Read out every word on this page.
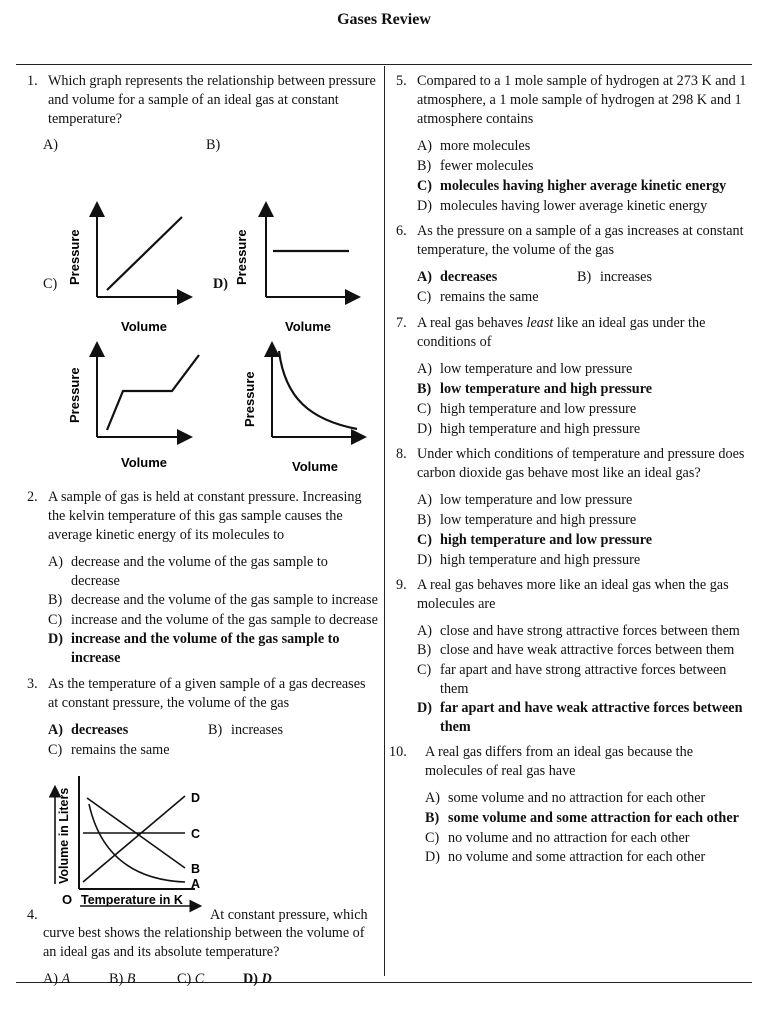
Gases Review
1. Which graph represents the relationship between pressure and volume for a sample of an ideal gas at constant temperature?
A)	B)
C)	D)
Pressure
Volume
Pressure
Volume
Pressure
Volume
Pressure
Volume
2. A sample of gas is held at constant pressure. Increasing the kelvin temperature of this gas sample causes the average kinetic energy of its molecules to
A) decrease and the volume of the gas sample to decrease
B) decrease and the volume of the gas sample to increase
C) increase and the volume of the gas sample to decrease
D) increase and the volume of the gas sample to increase
3. As the temperature of a given sample of a gas decreases at constant pressure, the volume of the gas
A) decreases	B) increases
C) remains the same
Volume in Liters
Temperature in K
O
D
C
B
A
4.	At constant pressure, which
curve best shows the relationship between the volume of an ideal gas and its absolute temperature?
A) A	B) B	C) C	D) D
5. Compared to a 1 mole sample of hydrogen at 273 K and 1 atmosphere, a 1 mole sample of hydrogen at 298 K and 1 atmosphere contains
A) more molecules
B) fewer molecules
C) molecules having higher average kinetic energy
D) molecules having lower average kinetic energy
6. As the pressure on a sample of a gas increases at constant temperature, the volume of the gas
A) decreases	B) increases
C) remains the same
7. A real gas behaves least like an ideal gas under the conditions of
A) low temperature and low pressure
B) low temperature and high pressure
C) high temperature and low pressure
D) high temperature and high pressure
8. Under which conditions of temperature and pressure does carbon dioxide gas behave most like an ideal gas?
A) low temperature and low pressure
B) low temperature and high pressure
C) high temperature and low pressure
D) high temperature and high pressure
9. A real gas behaves more like an ideal gas when the gas molecules are
A) close and have strong attractive forces between them
B) close and have weak attractive forces between them
C) far apart and have strong attractive forces between them
D) far apart and have weak attractive forces between them
10.	A real gas differs from an ideal gas because the molecules of real gas have
A) some volume and no attraction for each other
B) some volume and some attraction for each other
C) no volume and no attraction for each other
D) no volume and some attraction for each other
